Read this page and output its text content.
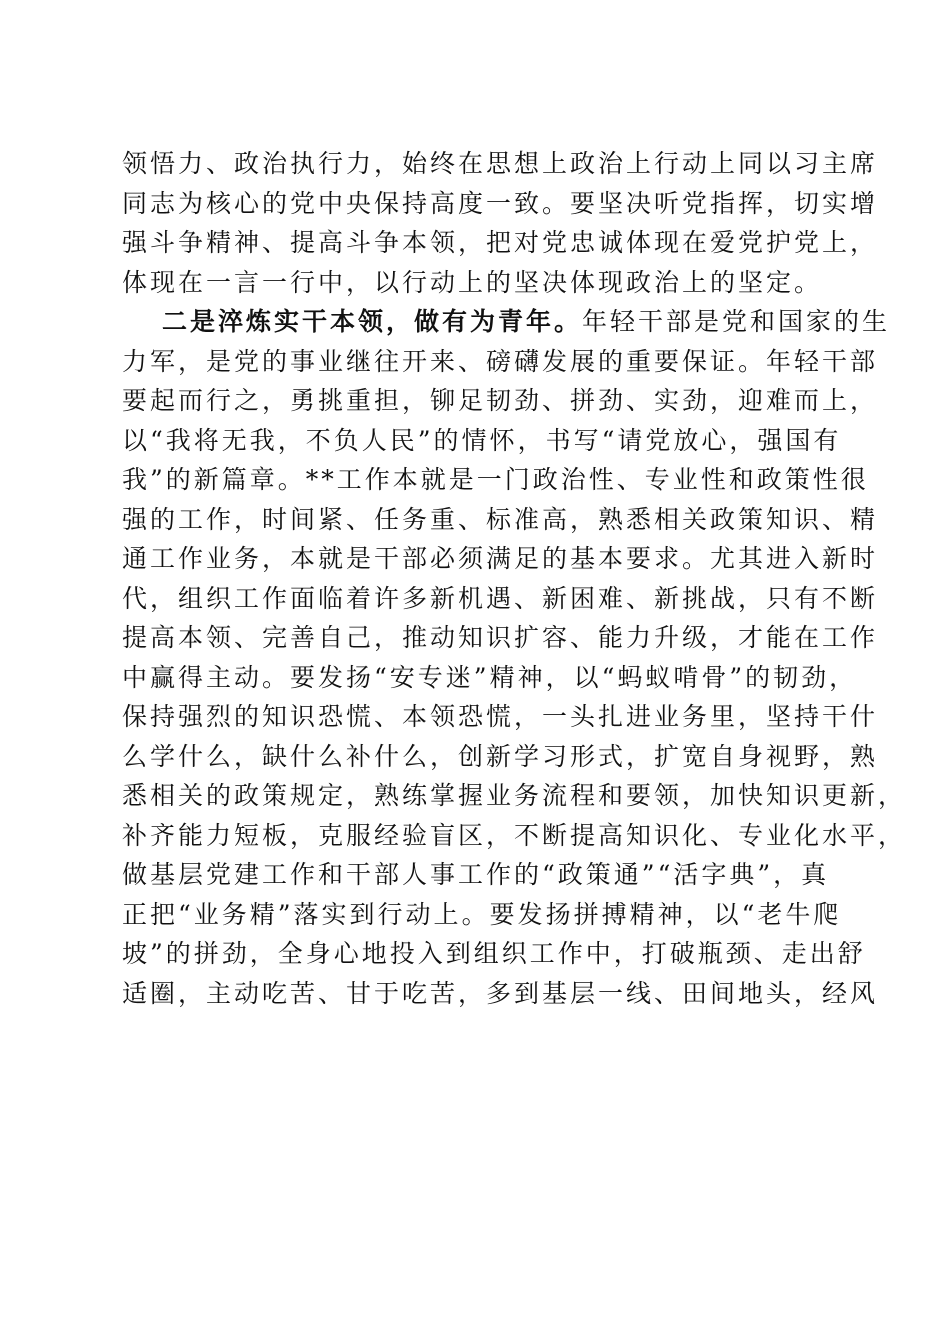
领悟力、政治执行力，始终在思想上政治上行动上同以习主席
同志为核心的党中央保持高度一致。要坚决听党指挥，切实增
强斗争精神、提高斗争本领，把对党忠诚体现在爱党护党上，
体现在一言一行中，以行动上的坚决体现政治上的坚定。
二是淬炼实干本领，做有为青年。年轻干部是党和国家的生
力军，是党的事业继往开来、磅礴发展的重要保证。年轻干部
要起而行之，勇挑重担，铆足韧劲、拼劲、实劲，迎难而上，
以“我将无我，不负人民”的情怀，书写“请党放心，强国有
我”的新篇章。**工作本就是一门政治性、专业性和政策性很
强的工作，时间紧、任务重、标准高，熟悉相关政策知识、精
通工作业务，本就是干部必须满足的基本要求。尤其进入新时
代，组织工作面临着许多新机遇、新困难、新挑战，只有不断
提高本领、完善自己，推动知识扩容、能力升级，才能在工作
中赢得主动。要发扬“安专迷”精神，以“蚂蚁啃骨”的韧劲，
保持强烈的知识恐慌、本领恐慌，一头扎进业务里，坚持干什
么学什么，缺什么补什么，创新学习形式，扩宽自身视野，熟
悉相关的政策规定，熟练掌握业务流程和要领，加快知识更新，
补齐能力短板，克服经验盲区，不断提高知识化、专业化水平，
做基层党建工作和干部人事工作的“政策通”“活字典”，真
正把“业务精”落实到行动上。要发扬拼搏精神，以“老牛爬
坡”的拼劲，全身心地投入到组织工作中，打破瓶颈、走出舒
适圈，主动吃苦、甘于吃苦，多到基层一线、田间地头，经风
